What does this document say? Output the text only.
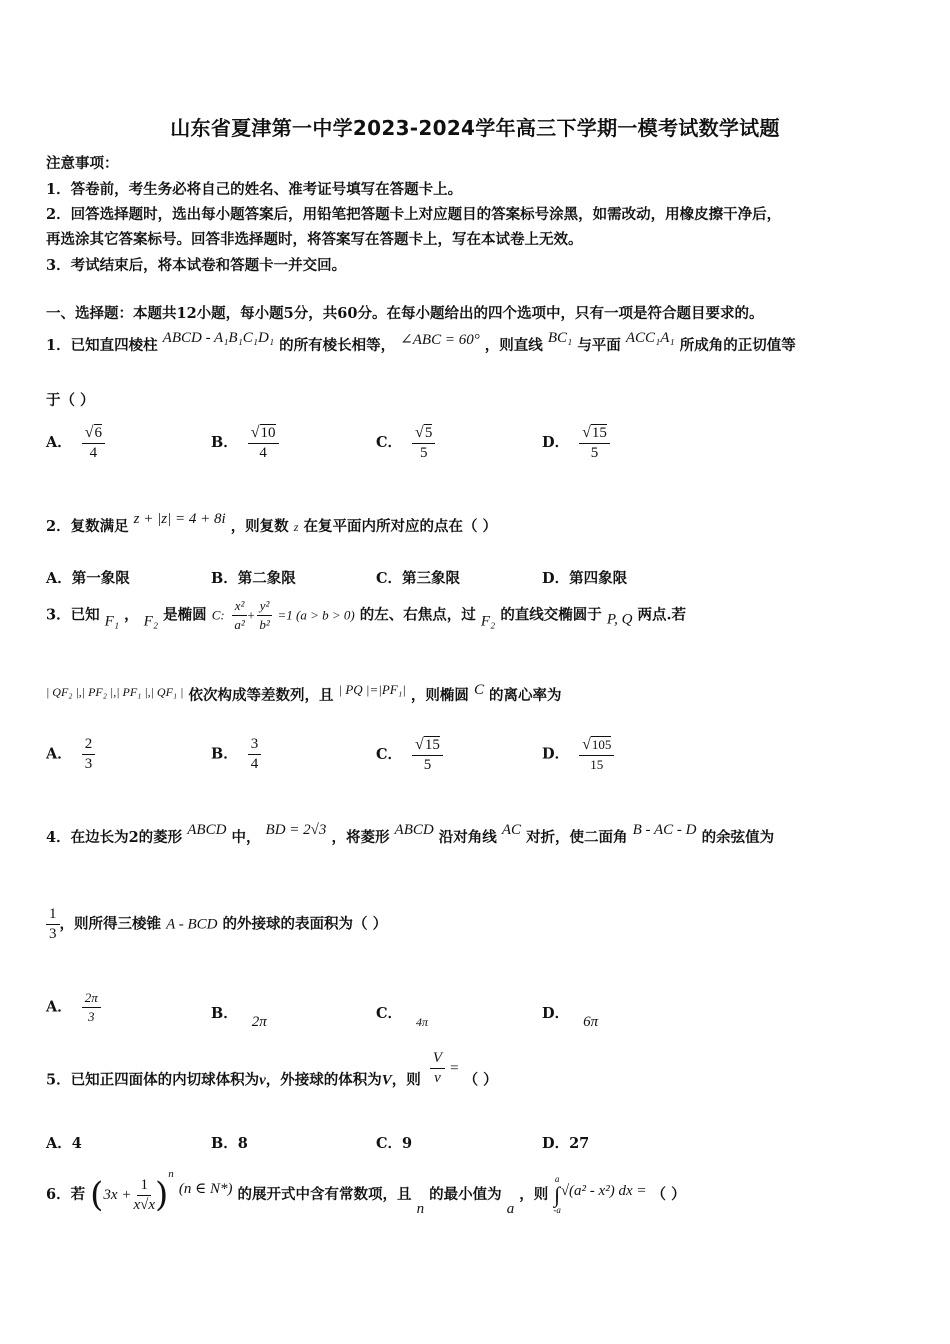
山东省夏津第一中学2023-2024学年高三下学期一模考试数学试题
注意事项：
1．答卷前，考生务必将自己的姓名、准考证号填写在答题卡上。
2．回答选择题时，选出每小题答案后，用铅笔把答题卡上对应题目的答案标号涂黑，如需改动，用橡皮擦干净后，
再选涂其它答案标号。回答非选择题时，将答案写在答题卡上，写在本试卷上无效。
3．考试结束后，将本试卷和答题卡一并交回。
一、选择题：本题共12小题，每小题5分，共60分。在每小题给出的四个选项中，只有一项是符合题目要求的。
1．已知直四棱柱 ABCD - A₁B₁C₁D₁ 的所有棱长相等， ∠ABC = 60° ，则直线 BC₁ 与平面 ACC₁A₁ 所成角的正切值等
于（ ）
A． $\frac{√6}{4}$	B． $\frac{√10}{4}$	C． $\frac{√5}{5}$	D． $\frac{√15}{5}$
2．复数满足 z + |z| = 4 + 8i ，则复数 z 在复平面内所对应的点在（ ）
A．第一象限	B．第二象限	C．第三象限	D．第四象限
3．已知 F₁ ， F₂ 是椭圆 C: $\frac{\text{x²}}{\text{a²}} + \frac{\text{y²}}{\text{b²}} =1$ (a > b > 0) 的左、右焦点，过 F₂ 的直线交椭圆于 P, Q 两点.若
$^{| QF_2 |,| PF_2 |,| PF_1 |,| QF_1 |}$ 依次构成等差数列，且 | PQ |=|PF₁| ，则椭圆 C 的离心率为
A． $\frac{2}{3}$	B． $\frac{3}{4}$	C． $\frac{√15}{5}$	D． $\frac{√105}{15}$
4．在边长为2的菱形 ABCD 中， BD = 2√3 ，将菱形 ABCD 沿对角线 AC 对折，使二面角 B - AC - D 的余弦值为
$\frac{1}{3}$ ，则所得三棱锥 A - BCD 的外接球的表面积为（ ）
A． $\frac{2\pi}{3}$	B． 2π	C． 4π	D． 6π
5．已知正四面体的内切球体积为v，外接球的体积为V，则 $\frac{V}{v}$ = （ ）
A．4	B．8	C．9	D．27
6．若 $(3x + \frac{1}{x√x} )^n$ (n ∈ N*) 的展开式中含有常数项，且 n 的最小值为 a ，则
a
∫
-a
√(a² - x²) dx = （ ）
